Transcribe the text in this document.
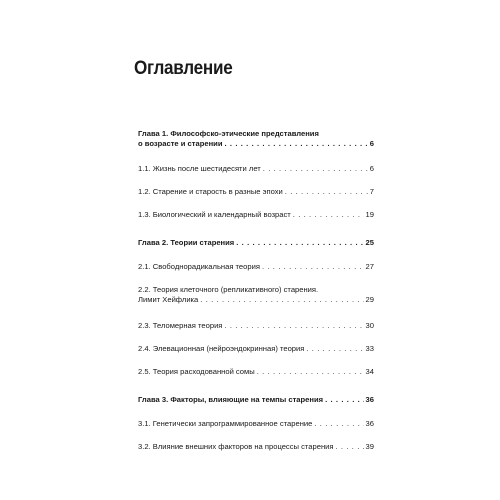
Оглавление
Глава 1. Философско-этические представления
о возрасте и старении . . .	6
1.1. Жизнь после шестидесяти лет . . .	6
1.2. Старение и старость в разные эпохи . . .	7
1.3. Биологический и календарный возраст . . .	19
Глава 2. Теории старения . . .	25
2.1. Свободнорадикальная теория . . .	27
2.2. Теория клеточного (репликативного) старения.
Лимит Хейфлика . . .	29
2.3. Теломерная теория . . .	30
2.4. Элевационная (нейроэндокринная) теория . . .	33
2.5. Теория расходованной сомы . . .	34
Глава 3. Факторы, влияющие на темпы старения . . .	36
3.1. Генетически запрограммированное старение . . .	36
3.2. Влияние внешних факторов на процессы старения . . .	39
